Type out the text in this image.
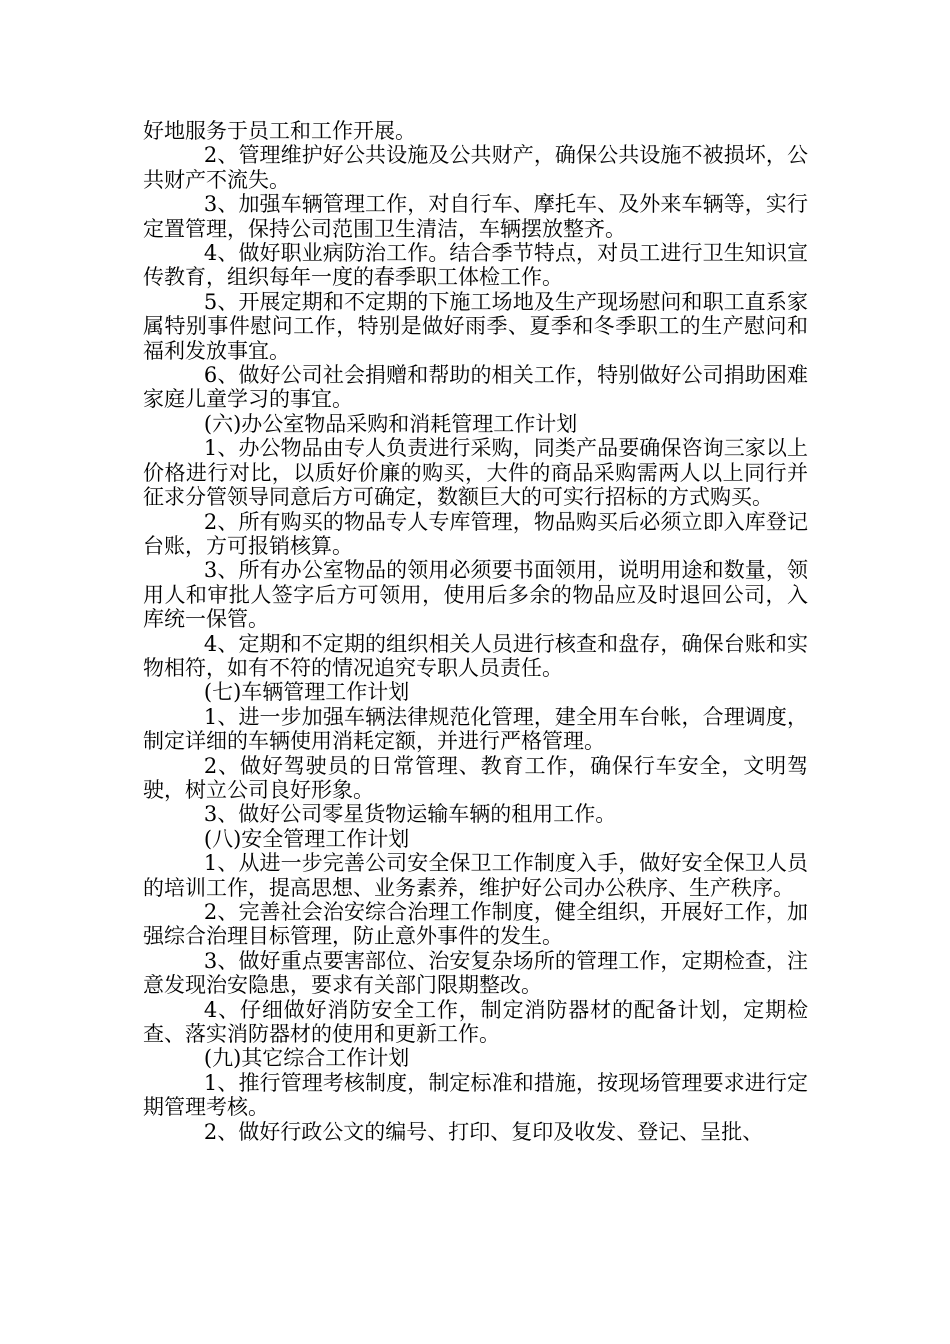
好地服务于员工和工作开展。

2、管理维护好公共设施及公共财产，确保公共设施不被损坏，公共财产不流失。

3、加强车辆管理工作，对自行车、摩托车、及外来车辆等，实行定置管理，保持公司范围卫生清洁，车辆摆放整齐。

4、做好职业病防治工作。结合季节特点，对员工进行卫生知识宣传教育，组织每年一度的春季职工体检工作。

5、开展定期和不定期的下施工场地及生产现场慰问和职工直系家属特别事件慰问工作，特别是做好雨季、夏季和冬季职工的生产慰问和福利发放事宜。

6、做好公司社会捐赠和帮助的相关工作，特别做好公司捐助困难家庭儿童学习的事宜。

(六)办公室物品采购和消耗管理工作计划

1、办公物品由专人负责进行采购，同类产品要确保咨询三家以上价格进行对比，以质好价廉的购买，大件的商品采购需两人以上同行并征求分管领导同意后方可确定，数额巨大的可实行招标的方式购买。

2、所有购买的物品专人专库管理，物品购买后必须立即入库登记台账，方可报销核算。

3、所有办公室物品的领用必须要书面领用，说明用途和数量，领用人和审批人签字后方可领用，使用后多余的物品应及时退回公司，入库统一保管。

4、定期和不定期的组织相关人员进行核查和盘存，确保台账和实物相符，如有不符的情况追究专职人员责任。

(七)车辆管理工作计划

1、进一步加强车辆法律规范化管理，建全用车台帐，合理调度，制定详细的车辆使用消耗定额，并进行严格管理。

2、做好驾驶员的日常管理、教育工作，确保行车安全，文明驾驶，树立公司良好形象。

3、做好公司零星货物运输车辆的租用工作。

(八)安全管理工作计划

1、从进一步完善公司安全保卫工作制度入手，做好安全保卫人员的培训工作，提高思想、业务素养，维护好公司办公秩序、生产秩序。

2、完善社会治安综合治理工作制度，健全组织，开展好工作，加强综合治理目标管理，防止意外事件的发生。

3、做好重点要害部位、治安复杂场所的管理工作，定期检查，注意发现治安隐患，要求有关部门限期整改。

4、仔细做好消防安全工作，制定消防器材的配备计划，定期检查、落实消防器材的使用和更新工作。

(九)其它综合工作计划

1、推行管理考核制度，制定标准和措施，按现场管理要求进行定期管理考核。

2、做好行政公文的编号、打印、复印及收发、登记、呈批、
